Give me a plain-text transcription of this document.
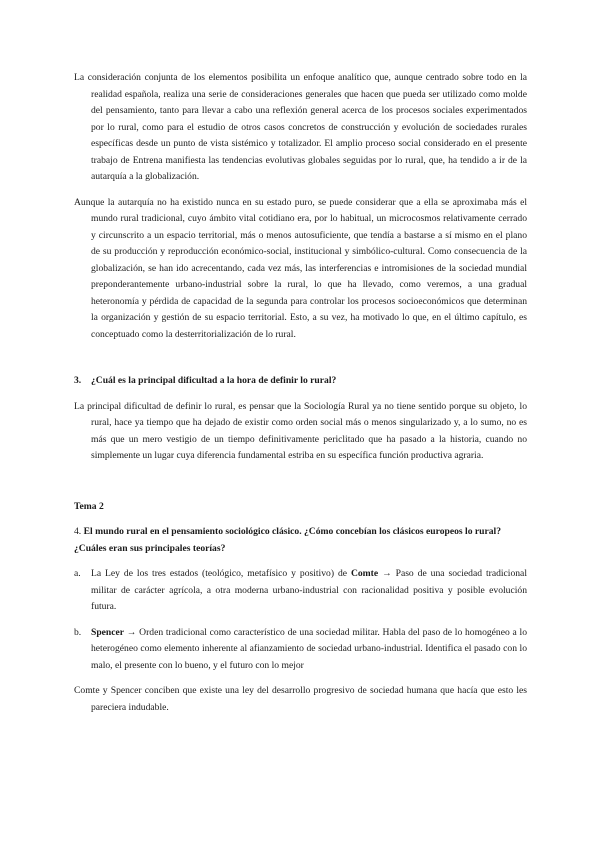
La consideración conjunta de los elementos posibilita un enfoque analítico que, aunque centrado sobre todo en la realidad española, realiza una serie de consideraciones generales que hacen que pueda ser utilizado como molde del pensamiento, tanto para llevar a cabo una reflexión general acerca de los procesos sociales experimentados por lo rural, como para el estudio de otros casos concretos de construcción y evolución de sociedades rurales específicas desde un punto de vista sistémico y totalizador. El amplio proceso social considerado en el presente trabajo de Entrena manifiesta las tendencias evolutivas globales seguidas por lo rural, que, ha tendido a ir de la autarquía a la globalización.

Aunque la autarquía no ha existido nunca en su estado puro, se puede considerar que a ella se aproximaba más el mundo rural tradicional, cuyo ámbito vital cotidiano era, por lo habitual, un microcosmos relativamente cerrado y circunscrito a un espacio territorial, más o menos autosuficiente, que tendía a bastarse a sí mismo en el plano de su producción y reproducción económico-social, institucional y simbólico-cultural. Como consecuencia de la globalización, se han ido acrecentando, cada vez más, las interferencias e intromisiones de la sociedad mundial preponderantemente urbano-industrial sobre la rural, lo que ha llevado, como veremos, a una gradual heteronomía y pérdida de capacidad de la segunda para controlar los procesos socioeconómicos que determinan la organización y gestión de su espacio territorial. Esto, a su vez, ha motivado lo que, en el último capítulo, es conceptuado como la desterritorialización de lo rural.

3. ¿Cuál es la principal dificultad a la hora de definir lo rural?

La principal dificultad de definir lo rural, es pensar que la Sociología Rural ya no tiene sentido porque su objeto, lo rural, hace ya tiempo que ha dejado de existir como orden social más o menos singularizado y, a lo sumo, no es más que un mero vestigio de un tiempo definitivamente periclitado que ha pasado a la historia, cuando no simplemente un lugar cuya diferencia fundamental estriba en su específica función productiva agraria.

Tema 2

4. El mundo rural en el pensamiento sociológico clásico. ¿Cómo concebían los clásicos europeos lo rural? ¿Cuáles eran sus principales teorías?

a. La Ley de los tres estados (teológico, metafísico y positivo) de Comte → Paso de una sociedad tradicional militar de carácter agrícola, a otra moderna urbano-industrial con racionalidad positiva y posible evolución futura.

b. Spencer → Orden tradicional como característico de una sociedad militar. Habla del paso de lo homogéneo a lo heterogéneo como elemento inherente al afianzamiento de sociedad urbano-industrial. Identifica el pasado con lo malo, el presente con lo bueno, y el futuro con lo mejor

Comte y Spencer conciben que existe una ley del desarrollo progresivo de sociedad humana que hacía que esto les pareciera indudable.
